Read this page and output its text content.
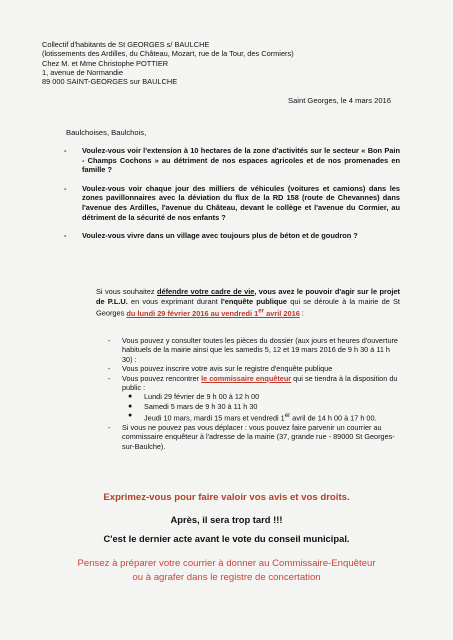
Collectif d'habitants de St GEORGES s/ BAULCHE
(lotissements des Ardilles, du Château, Mozart, rue de la Tour, des Cormiers)
Chez M. et Mme Christophe POTTIER
1, avenue de Normandie
89 000 SAINT-GEORGES sur BAULCHE
Saint Georges, le 4 mars 2016
Baulchoises, Baulchois,
- Voulez-vous voir l'extension à 10 hectares de la zone d'activités sur le secteur « Bon Pain - Champs Cochons » au détriment de nos espaces agricoles et de nos promenades en famille ?
- Voulez-vous voir chaque jour des milliers de véhicules (voitures et camions) dans les zones pavillonnaires avec la déviation du flux de la RD 158 (route de Chevannes) dans l'avenue des Ardilles, l'avenue du Château, devant le collège et l'avenue du Cormier, au détriment de la sécurité de nos enfants ?
- Voulez-vous vivre dans un village avec toujours plus de béton et de goudron ?
Si vous souhaitez défendre votre cadre de vie, vous avez le pouvoir d'agir sur le projet de P.L.U. en vous exprimant durant l'enquête publique qui se déroule à la mairie de St Georges du lundi 29 février 2016 au vendredi 1er avril 2016 :
- Vous pouvez y consulter toutes les pièces du dossier (aux jours et heures d'ouverture habituels de la mairie ainsi que les samedis 5, 12 et 19 mars 2016 de 9 h 30 à 11 h 30) :
- Vous pouvez inscrire votre avis sur le registre d'enquête publique
- Vous pouvez rencontrer le commissaire enquêteur qui se tiendra à la disposition du public :
● Lundi 29 février de 9 h 00 à 12 h 00
● Samedi 5 mars de 9 h 30 à 11 h 30
● Jeudi 10 mars, mardi 15 mars et vendredi 1er avril de 14 h 00 à 17 h 00.
- Si vous ne pouvez pas vous déplacer : vous pouvez faire parvenir un courrier au commissaire enquêteur à l'adresse de la mairie (37, grande rue - 89000 St Georges-sur-Baulche).
Exprimez-vous pour faire valoir vos avis et vos droits.
Après, il sera trop tard !!!
C'est le dernier acte avant le vote du conseil municipal.
Pensez à préparer votre courrier à donner au Commissaire-Enquêteur
ou à agrafer dans le registre de concertation
